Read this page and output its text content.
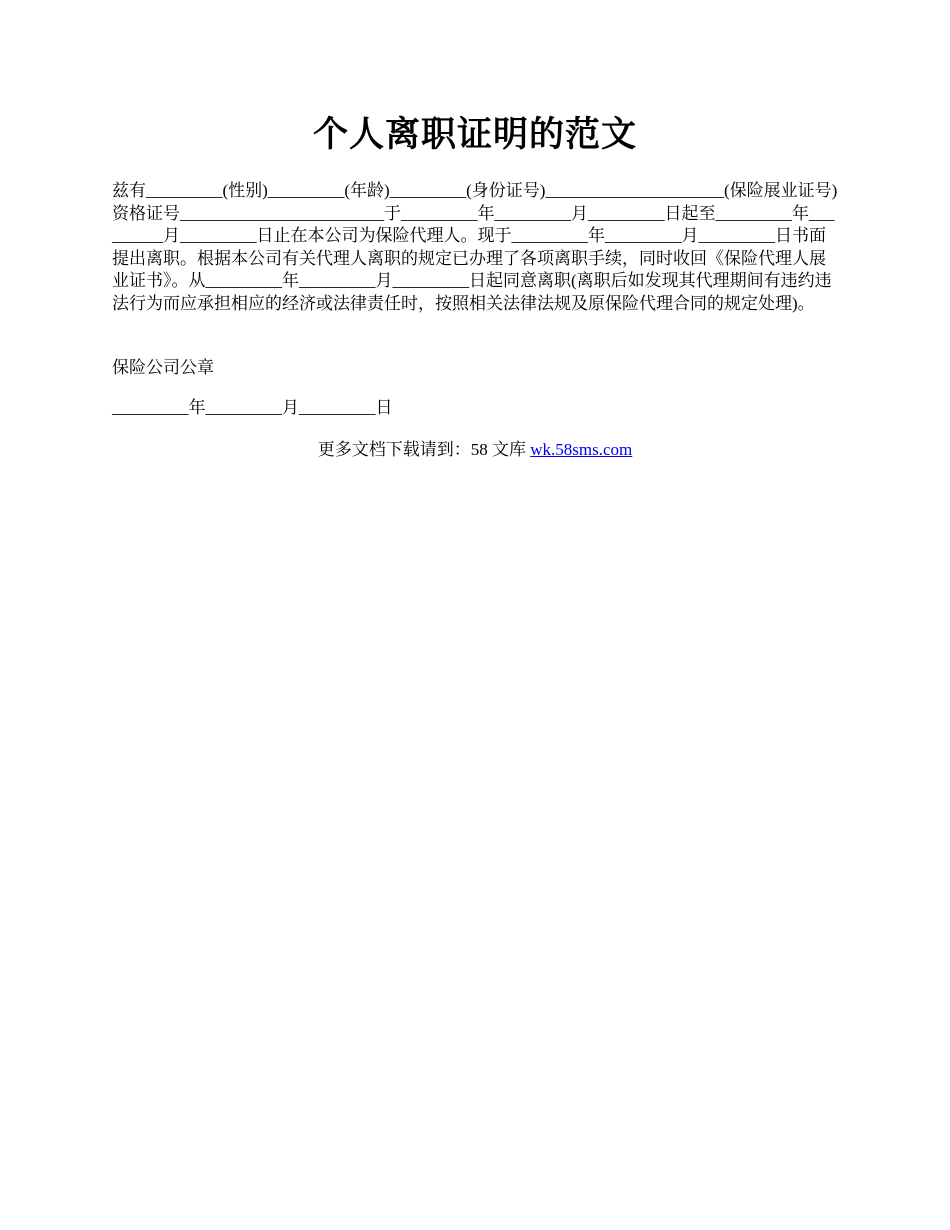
个人离职证明的范文
兹有_________(性别)_________(年龄)_________(身份证号)_____________________(保险展业证号)资格证号________________________于_________年_________月_________日起至_________年_________月_________日止在本公司为保险代理人。现于_________年_________月_________日书面提出离职。根据本公司有关代理人离职的规定已办理了各项离职手续，同时收回《保险代理人展业证书》。从_________年_________月_________日起同意离职(离职后如发现其代理期间有违约违法行为而应承担相应的经济或法律责任时，按照相关法律法规及原保险代理合同的规定处理)。
保险公司公章
_________年_________月_________日
更多文档下载请到：58 文库 wk.58sms.com
